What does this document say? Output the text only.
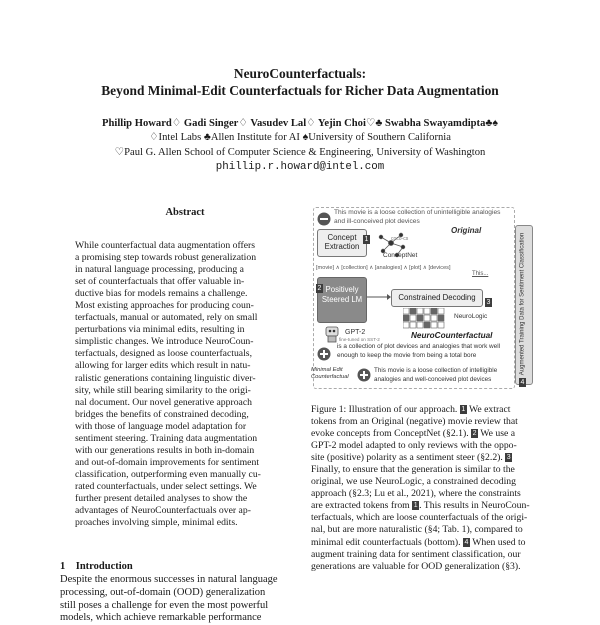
NeuroCounterfactuals:
Beyond Minimal-Edit Counterfactuals for Richer Data Augmentation
Phillip Howard♢ Gadi Singer♢ Vasudev Lal♢ Yejin Choi♡♣ Swabha Swayamdipta♣♠
♢Intel Labs ♣Allen Institute for AI ♠University of Southern California
♡Paul G. Allen School of Computer Science & Engineering, University of Washington
phillip.r.howard@intel.com
Abstract
While counterfactual data augmentation offers
a promising step towards robust generalization
in natural language processing, producing a
set of counterfactuals that offer valuable in-
ductive bias for models remains a challenge.
Most existing approaches for producing coun-
terfactuals, manual or automated, rely on small
perturbations via minimal edits, resulting in
simplistic changes. We introduce NeuroCoun-
terfactuals, designed as loose counterfactuals,
allowing for larger edits which result in natu-
ralistic generations containing linguistic diver-
sity, while still bearing similarity to the origi-
nal document. Our novel generative approach
bridges the benefits of constrained decoding,
with those of language model adaptation for
sentiment steering. Training data augmentation
with our generations results in both in-domain
and out-of-domain improvements for sentiment
classification, outperforming even manually cu-
rated counterfactuals, under select settings. We
further present detailed analyses to show the
advantages of NeuroCounterfactuals over ap-
proaches involving simple, minimal edits.
1    Introduction
Despite the enormous successes in natural language
processing, out-of-domain (OOD) generalization
still poses a challenge for even the most powerful
models, which achieve remarkable performance
This movie is a loose collection of unintelligible analogies and ill-conceived plot devices
Original
Concept Extraction
1	coco-cs
ConceptNet
[movie] ∧ [collection] ∧ [analogies] ∧ [plot] ∧ [devices]
This...
Positively Steered LM
2
GPT-2
fine-tuned on SST-2
Constrained Decoding
3
NeuroLogic
NeuroCounterfactual
is a collection of plot devices and analogies that work well enough to keep the movie from being a total bore
Minimal Edit Counterfactual
This movie is a loose collection of intelligible analogies and well-conceived plot devices
Augmented Training Data for Sentiment Classification
4
Figure 1: Illustration of our approach. 1 We extract
tokens from an Original (negative) movie review that
evoke concepts from ConceptNet (§2.1). 2 We use a
GPT-2 model adapted to only reviews with the oppo-
site (positive) polarity as a sentiment steer (§2.2). 3
Finally, to ensure that the generation is similar to the
original, we use NeuroLogic, a constrained decoding
approach (§2.3; Lu et al., 2021), where the constraints
are extracted tokens from 1 . This results in NeuroCoun-
terfactuals, which are loose counterfactuals of the origi-
nal, but are more naturalistic (§4; Tab. 1), compared to
minimal edit counterfactuals (bottom). 4 When used to
augment training data for sentiment classification, our
generations are valuable for OOD generalization (§3).
